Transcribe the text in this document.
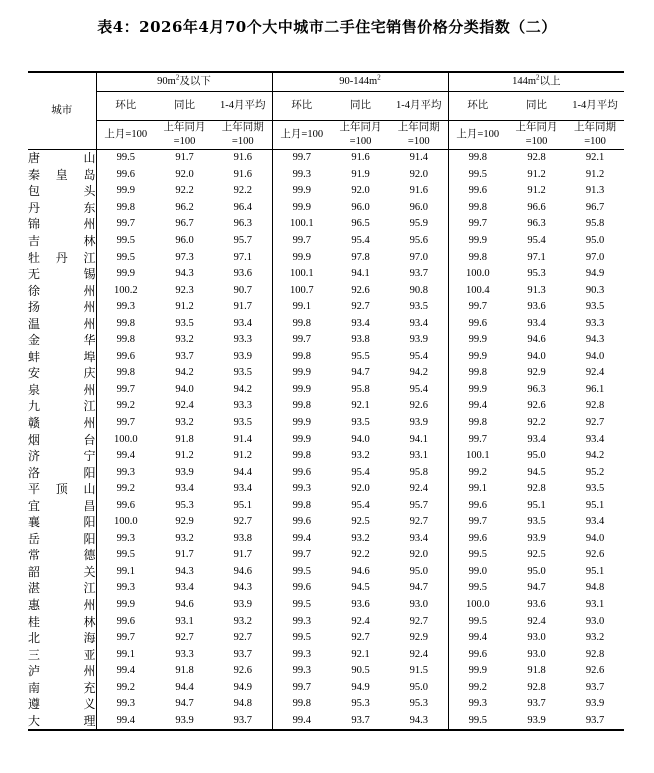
表4：2026年4月70个大中城市二手住宅销售价格分类指数（二）
城市	$90m^2$及以下			$90-144m^2$			$144m^2$以上		
	环比	同比	1-4月平均	环比	同比	1-4月平均	环比	同比	1-4月平均
	上月=100	上年同月=100	上年同期=100	上月=100	上年同月=100	上年同期=100	上月=100	上年同月=100	上年同期=100

唐 山	99.5	91.7	91.6	99.7	91.6	91.4	99.8	92.8	92.1

秦 皇 岛	99.6	92.0	91.6	99.3	91.9	92.0	99.5	91.2	91.2

包 头	99.9	92.2	92.2	99.9	92.0	91.6	99.6	91.2	91.3

丹 东	99.8	96.2	96.4	99.9	96.0	96.0	99.8	96.6	96.7

锦 州	99.7	96.7	96.3	100.1	96.5	95.9	99.7	96.3	95.8

吉 林	99.5	96.0	95.7	99.7	95.4	95.6	99.9	95.4	95.0

牡 丹 江	99.5	97.3	97.1	99.9	97.8	97.0	99.8	97.1	97.0

无 锡	99.9	94.3	93.6	100.1	94.1	93.7	100.0	95.3	94.9

徐 州	100.2	92.3	90.7	100.7	92.6	90.8	100.4	91.3	90.3

扬 州	99.3	91.2	91.7	99.1	92.7	93.5	99.7	93.6	93.5

温 州	99.8	93.5	93.4	99.8	93.4	93.4	99.6	93.4	93.3

金 华	99.8	93.2	93.3	99.7	93.8	93.9	99.9	94.6	94.3

蚌 埠	99.6	93.7	93.9	99.8	95.5	95.4	99.9	94.0	94.0

安 庆	99.8	94.2	93.5	99.9	94.7	94.2	99.8	92.9	92.4

泉 州	99.7	94.0	94.2	99.9	95.8	95.4	99.9	96.3	96.1

九 江	99.2	92.4	93.3	99.8	92.1	92.6	99.4	92.6	92.8

赣 州	99.7	93.2	93.5	99.9	93.5	93.9	99.8	92.2	92.7

烟 台	100.0	91.8	91.4	99.9	94.0	94.1	99.7	93.4	93.4

济 宁	99.4	91.2	91.2	99.8	93.2	93.1	100.1	95.0	94.2

洛 阳	99.3	93.9	94.4	99.6	95.4	95.8	99.2	94.5	95.2

平 顶 山	99.2	93.4	93.4	99.3	92.0	92.4	99.1	92.8	93.5

宜 昌	99.6	95.3	95.1	99.8	95.4	95.7	99.6	95.1	95.1

襄 阳	100.0	92.9	92.7	99.6	92.5	92.7	99.7	93.5	93.4

岳 阳	99.3	93.2	93.8	99.4	93.2	93.4	99.6	93.9	94.0

常 德	99.5	91.7	91.7	99.7	92.2	92.0	99.5	92.5	92.6

韶 关	99.1	94.3	94.6	99.5	94.6	95.0	99.0	95.0	95.1

湛 江	99.3	93.4	94.3	99.6	94.5	94.7	99.5	94.7	94.8

惠 州	99.9	94.6	93.9	99.5	93.6	93.0	100.0	93.6	93.1

桂 林	99.6	93.1	93.2	99.3	92.4	92.7	99.5	92.4	93.0

北 海	99.7	92.7	92.7	99.5	92.7	92.9	99.4	93.0	93.2

三 亚	99.1	93.3	93.7	99.3	92.1	92.4	99.6	93.0	92.8

泸 州	99.4	91.8	92.6	99.3	90.5	91.5	99.9	91.8	92.6

南 充	99.2	94.4	94.9	99.7	94.9	95.0	99.2	92.8	93.7

遵 义	99.3	94.7	94.8	99.8	95.3	95.3	99.3	93.7	93.9

大 理	99.4	93.9	93.7	99.4	93.7	94.3	99.5	93.9	93.7
